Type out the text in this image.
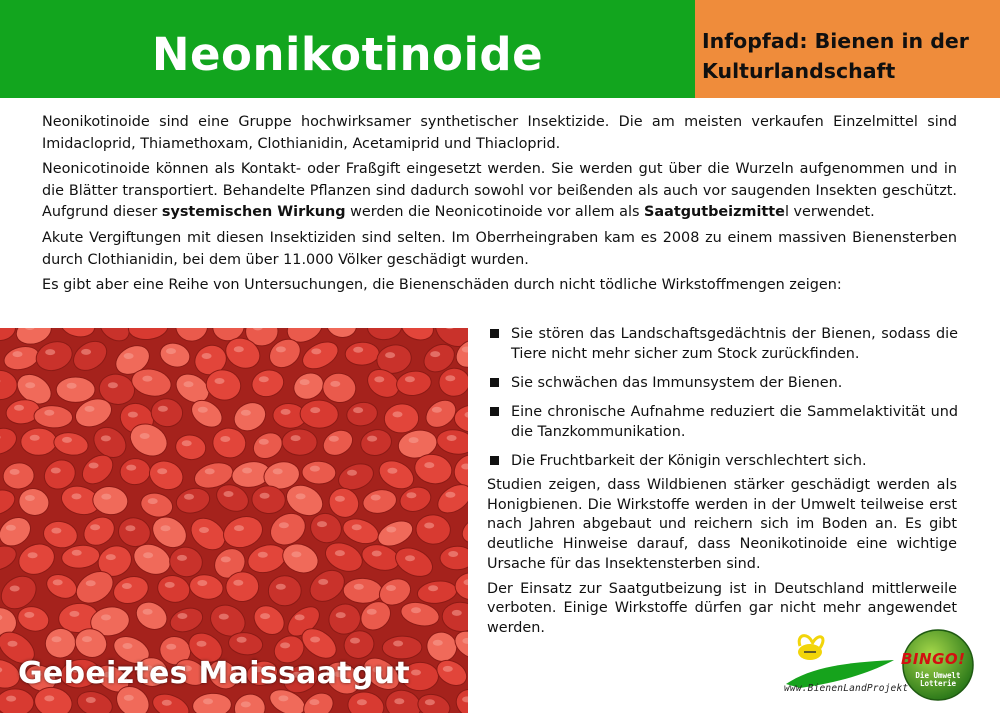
Neonikotinoide	Infopfad: Bienen in der Kulturlandschaft

Neonikotinoide sind eine Gruppe hochwirksamer synthetischer Insektizide. Die am meisten verkaufen Einzelmittel sind Imidacloprid, Thiamethoxam, Clothianidin, Acetamiprid und Thiacloprid.

Neonicotinoide können als Kontakt- oder Fraßgift eingesetzt werden. Sie werden gut über die Wurzeln aufgenommen und in die Blätter transportiert. Behandelte Pflanzen sind dadurch sowohl vor beißenden als auch vor saugenden Insekten geschützt. Aufgrund dieser systemischen Wirkung werden die Neonicotinoide vor allem als Saatgutbeizmittel verwendet.

Akute Vergiftungen mit diesen Insektiziden sind selten. Im Oberrheingraben kam es 2008 zu einem massiven Bienensterben durch Clothianidin, bei dem über 11.000 Völker geschädigt wurden.

Es gibt aber eine Reihe von Untersuchungen, die Bienenschäden durch nicht tödliche Wirkstoffmengen zeigen:

Gebeiztes Maissaatgut
Sie stören das Landschaftsgedächtnis der Bienen, sodass die Tiere nicht mehr sicher zum Stock zurückfinden.
Sie schwächen das Immunsystem der Bienen.
Eine chronische Aufnahme reduziert die Sammelaktivität und die Tanzkommunikation.
Die Fruchtbarkeit der Königin verschlechtert sich.

Studien zeigen, dass Wildbienen stärker geschädigt werden als Honigbienen. Die Wirkstoffe werden in der Umwelt teilweise erst nach Jahren abgebaut und reichern sich im Boden an. Es gibt deutliche Hinweise darauf, dass Neonikotinoide eine wichtige Ursache für das Insektensterben sind.

Der Einsatz zur Saatgutbeizung ist in Deutschland mittlerweile verboten. Einige Wirkstoffe dürfen gar nicht mehr angewendet werden.

www.BienenLandProjekt
BINGO!
Die Umwelt Lotterie
